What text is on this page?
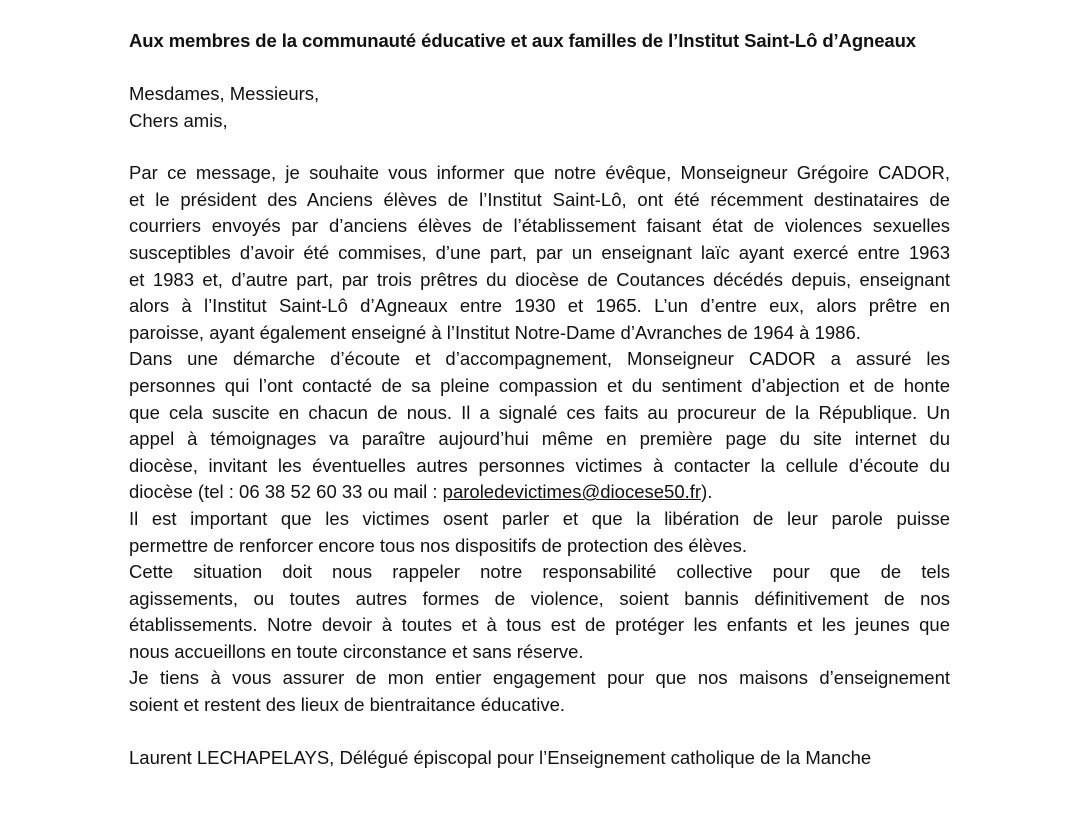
Aux membres de la communauté éducative et aux familles de l’Institut Saint-Lô d’Agneaux

Mesdames, Messieurs,

Chers amis,

Par ce message, je souhaite vous informer que notre évêque, Monseigneur Grégoire CADOR,
et le président des Anciens élèves de l’Institut Saint-Lô, ont été récemment destinataires de
courriers envoyés par d’anciens élèves de l’établissement faisant état de violences sexuelles
susceptibles d’avoir été commises, d’une part, par un enseignant laïc ayant exercé entre 1963
et 1983 et, d’autre part, par trois prêtres du diocèse de Coutances décédés depuis, enseignant
alors à l’Institut Saint-Lô d’Agneaux entre 1930 et 1965. L’un d’entre eux, alors prêtre en
paroisse, ayant également enseigné à l’Institut Notre-Dame d’Avranches de 1964 à 1986.
Dans une démarche d’écoute et d’accompagnement, Monseigneur CADOR a assuré les
personnes qui l’ont contacté de sa pleine compassion et du sentiment d’abjection et de honte
que cela suscite en chacun de nous. Il a signalé ces faits au procureur de la République. Un
appel à témoignages va paraître aujourd’hui même en première page du site internet du
diocèse, invitant les éventuelles autres personnes victimes à contacter la cellule d’écoute du
diocèse (tel : 06 38 52 60 33 ou mail : paroledevictimes@diocese50.fr).
Il est important que les victimes osent parler et que la libération de leur parole puisse
permettre de renforcer encore tous nos dispositifs de protection des élèves.
Cette situation doit nous rappeler notre responsabilité collective pour que de tels
agissements, ou toutes autres formes de violence, soient bannis définitivement de nos
établissements. Notre devoir à toutes et à tous est de protéger les enfants et les jeunes que
nous accueillons en toute circonstance et sans réserve.
Je tiens à vous assurer de mon entier engagement pour que nos maisons d’enseignement
soient et restent des lieux de bientraitance éducative.

Laurent LECHAPELAYS, Délégué épiscopal pour l’Enseignement catholique de la Manche
